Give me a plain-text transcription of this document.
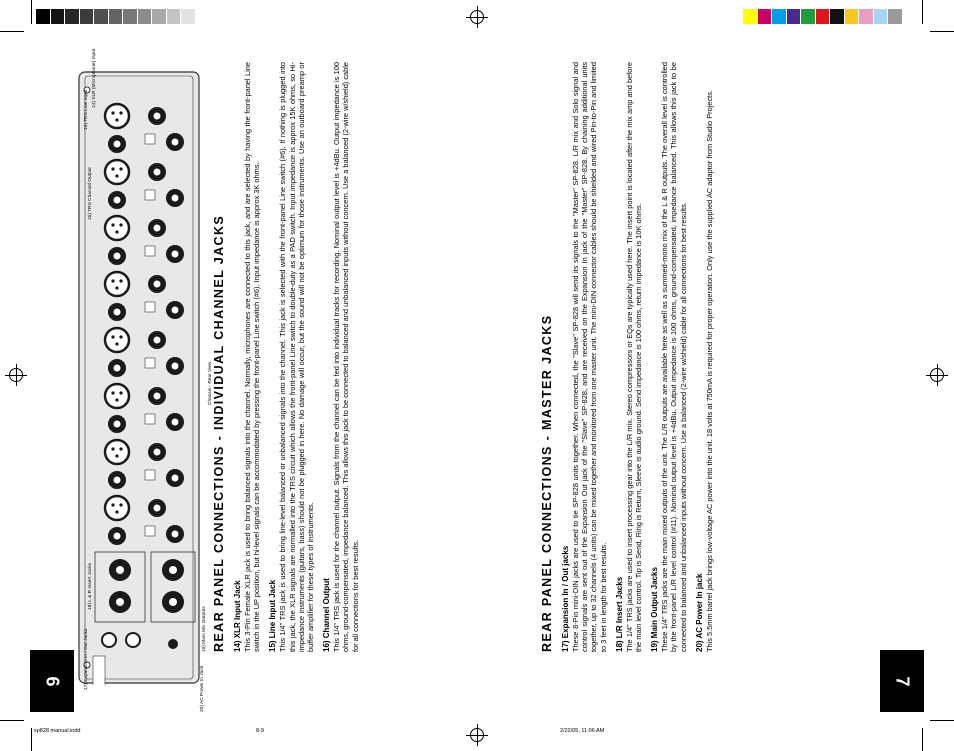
6	7
sp828 manual.indd	8-9	2/22/05, 11:06 AM
Chassis - Rear View
15) TRS Line Input
14) XLR (Microphone) Input
16) TRS Channel Output
18) L & R Insert Jacks
19) Main Mix Outputs
17) Expansion In / Out Jacks	20) AC Power In Jack
REAR PANEL CONNECTIONS - INDIVIDUAL CHANNEL JACKS 14) XLR Input Jack This 3-Pin Female XLR jack is used to bring balanced signals into the channel. Normally, microphones are connected to this jack, and are selected by having the front-panel Line switch in the UP position, but hi-level signals can be accommodated by pressing the front-panel Line switch (#6). Input impedance is approx 3K ohms. 15) Line Input Jack This 1/4" TRS jack is used to bring line-level balanced or unbalanced signals into the channel. This jack is selected with the front-panel Line switch (#6). If nothing is plugged into this jack, the XLR signals are normalled into the TRS circuit which allows the front-panel Line switch to double-duty as a PAD switch. Input impedance is approx 15K ohms, so Hi-impedance instruments (guitars, bass) should not be plugged in here. No damage will occur, but the sound will not be optimum for those instruments. Use an outboard preamp or buffer amplifier for these types of instruments. 16) Channel Output This 1/4" TRS jack is used for the channel output. Signals from the channel can be fed into individual tracks for recording. Nominal output level is +4dBu. Output impedance is 100 ohms, ground-compensated, impedance balanced. This allows this jack to be connected to balanced and unbalanced inputs without concern. Use a balanced (2-wire w/shield) cable for all connections for best results.	REAR PANEL CONNECTIONS - MASTER JACKS 17) Expansion In / Out jacks These 8-Pin mini-DIN jacks are used to tie SP-828 units together. When connected, the "Slave" SP-828 will send its signals to the "Master" SP-828. L/R mix and Solo signal and control signals are sent out of the Expansion Out jack of the "Slave" SP-828, and are received on the Expansion In jack of the "Master" SP-828. By chaining additional units together, up to 32 channels (4 units) can be mixed together and monitored from one master unit. The mini-DIN connector cables should be shielded and wired Pin-to-Pin and limited to 3 feet in length for best results. 18) L/R Insert Jacks The 1/4" TRS jacks are used to insert processing gear into the L/R mix. Stereo compressors or EQs are typically used here. The insert point is located after the mix amp and before the main level control. Tip is Send, Ring is Return, Sleeve is audio ground. Send impedance is 100 ohms, return impedance is 10K ohms. 19) Main Output Jacks These 1/4" TRS jacks are the main mixed outputs of the unit. The L/R outputs are available here as well as a summed-mono mix of the L & R outputs. The overall level is controlled by the front-panel L/R level control (#11). Nominal output level is +4dBu. Output impedance is 100 ohms, ground-compensated, impedance balanced. This allows this jack to be connected to balanced and unbalanced inputs without concern. Use a balanced (2-wire w/shield) cable for all connections for best results. 20) AC Power In jack This 5.5mm barrel jack brings low-voltage AC power into the unit. 18 volts at 750mA is required for proper operation. Only use the supplied AC adaptor from Studio Projects.
